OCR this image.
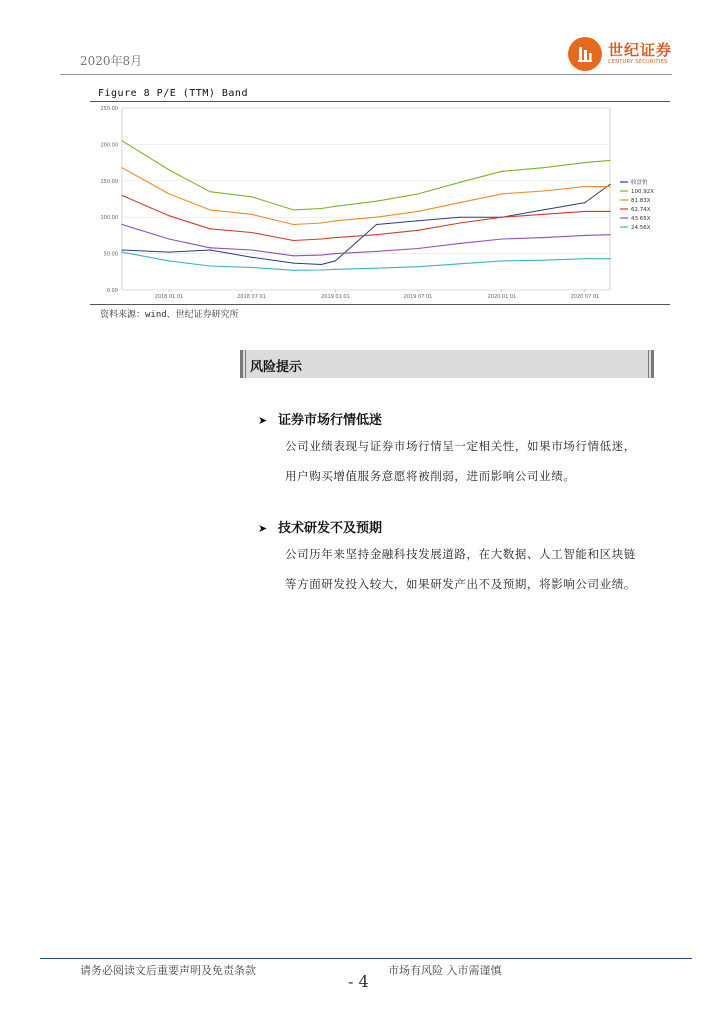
2020年8月
世纪证券
CENTURY SECURITIES
Figure 8 P/E (TTM) Band
0.00
50.00
100.00
150.00
200.00
250.00
2018 01 01	2018 07 01	2019 01 01	2019 07 01	2020 01 01	2020 07 01
收盘价
100.92X
81.83X
62.74X
43.65X
24.56X
资料来源：wind、世纪证券研究所
风险提示
➤ 证券市场行情低迷
公司业绩表现与证券市场行情呈一定相关性，如果市场行情低迷，
用户购买增值服务意愿将被削弱，进而影响公司业绩。
➤ 技术研发不及预期
公司历年来坚持金融科技发展道路，在大数据、人工智能和区块链
等方面研发投入较大，如果研发产出不及预期，将影响公司业绩。
请务必阅读文后重要声明及免责条款	市场有风险 入市需谨慎
- 4
